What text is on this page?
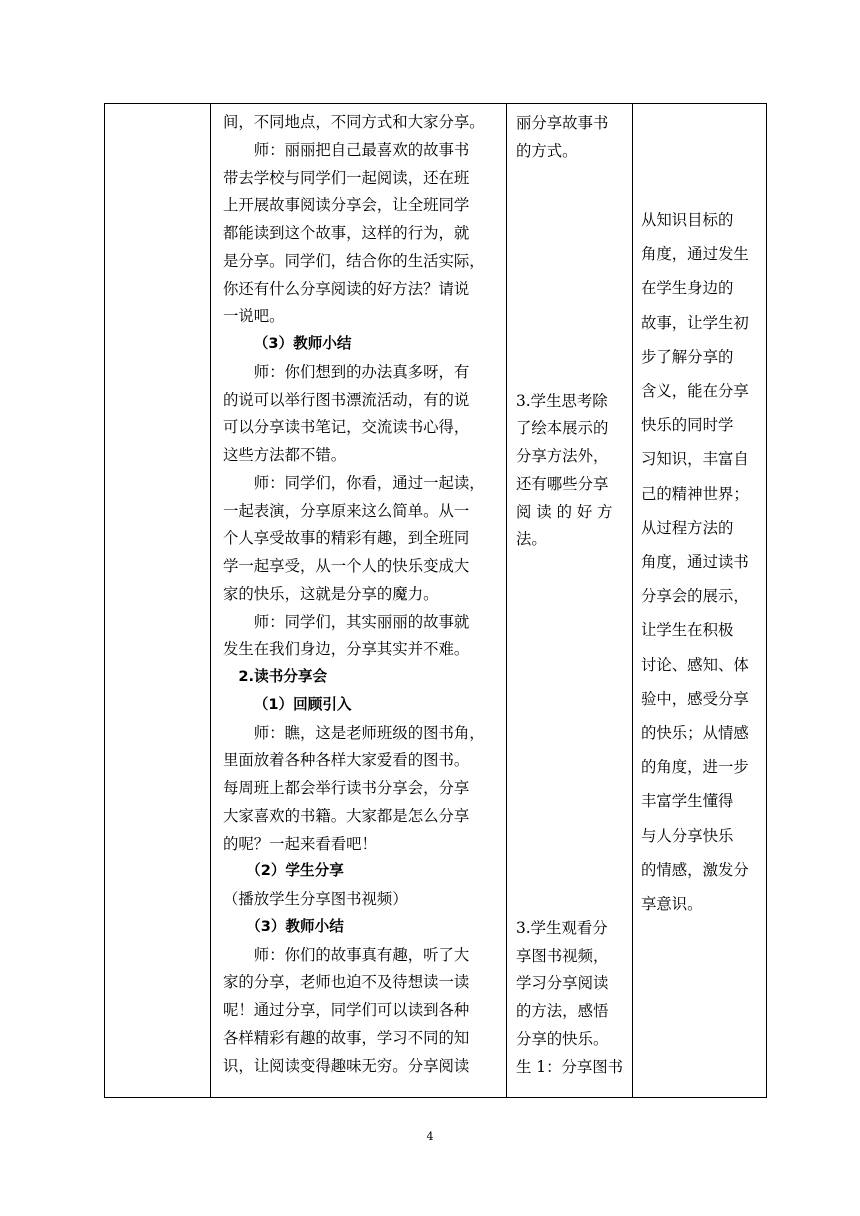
间，不同地点，不同方式和大家分享。
师：丽丽把自己最喜欢的故事书
带去学校与同学们一起阅读，还在班
上开展故事阅读分享会，让全班同学
都能读到这个故事，这样的行为，就
是分享。同学们，结合你的生活实际，
你还有什么分享阅读的好方法？请说
一说吧。
（3）教师小结
师：你们想到的办法真多呀，有
的说可以举行图书漂流活动，有的说
可以分享读书笔记，交流读书心得，
这些方法都不错。
师：同学们，你看，通过一起读，
一起表演，分享原来这么简单。从一
个人享受故事的精彩有趣，到全班同
学一起享受，从一个人的快乐变成大
家的快乐，这就是分享的魔力。
师：同学们，其实丽丽的故事就
发生在我们身边，分享其实并不难。
2.读书分享会
（1）回顾引入
师：瞧，这是老师班级的图书角，
里面放着各种各样大家爱看的图书。
每周班上都会举行读书分享会，分享
大家喜欢的书籍。大家都是怎么分享
的呢？一起来看看吧！
（2）学生分享
（播放学生分享图书视频）
（3）教师小结
师：你们的故事真有趣，听了大
家的分享，老师也迫不及待想读一读
呢！通过分享，同学们可以读到各种
各样精彩有趣的故事，学习不同的知
识，让阅读变得趣味无穷。分享阅读

丽分享故事书
的方式。
3.学生思考除
了绘本展示的
分享方法外，
还有哪些分享
阅 读 的 好 方
法。
3.学生观看分
享图书视频，
学习分享阅读
的方法，感悟
分享的快乐。
生 1：分享图书

从知识目标的
角度，通过发生
在学生身边的
故事，让学生初
步了解分享的
含义，能在分享
快乐的同时学
习知识，丰富自
己的精神世界；
从过程方法的
角度，通过读书
分享会的展示，
让学生在积极
讨论、感知、体
验中，感受分享
的快乐；从情感
的角度，进一步
丰富学生懂得
与人分享快乐
的情感，激发分
享意识。
4
